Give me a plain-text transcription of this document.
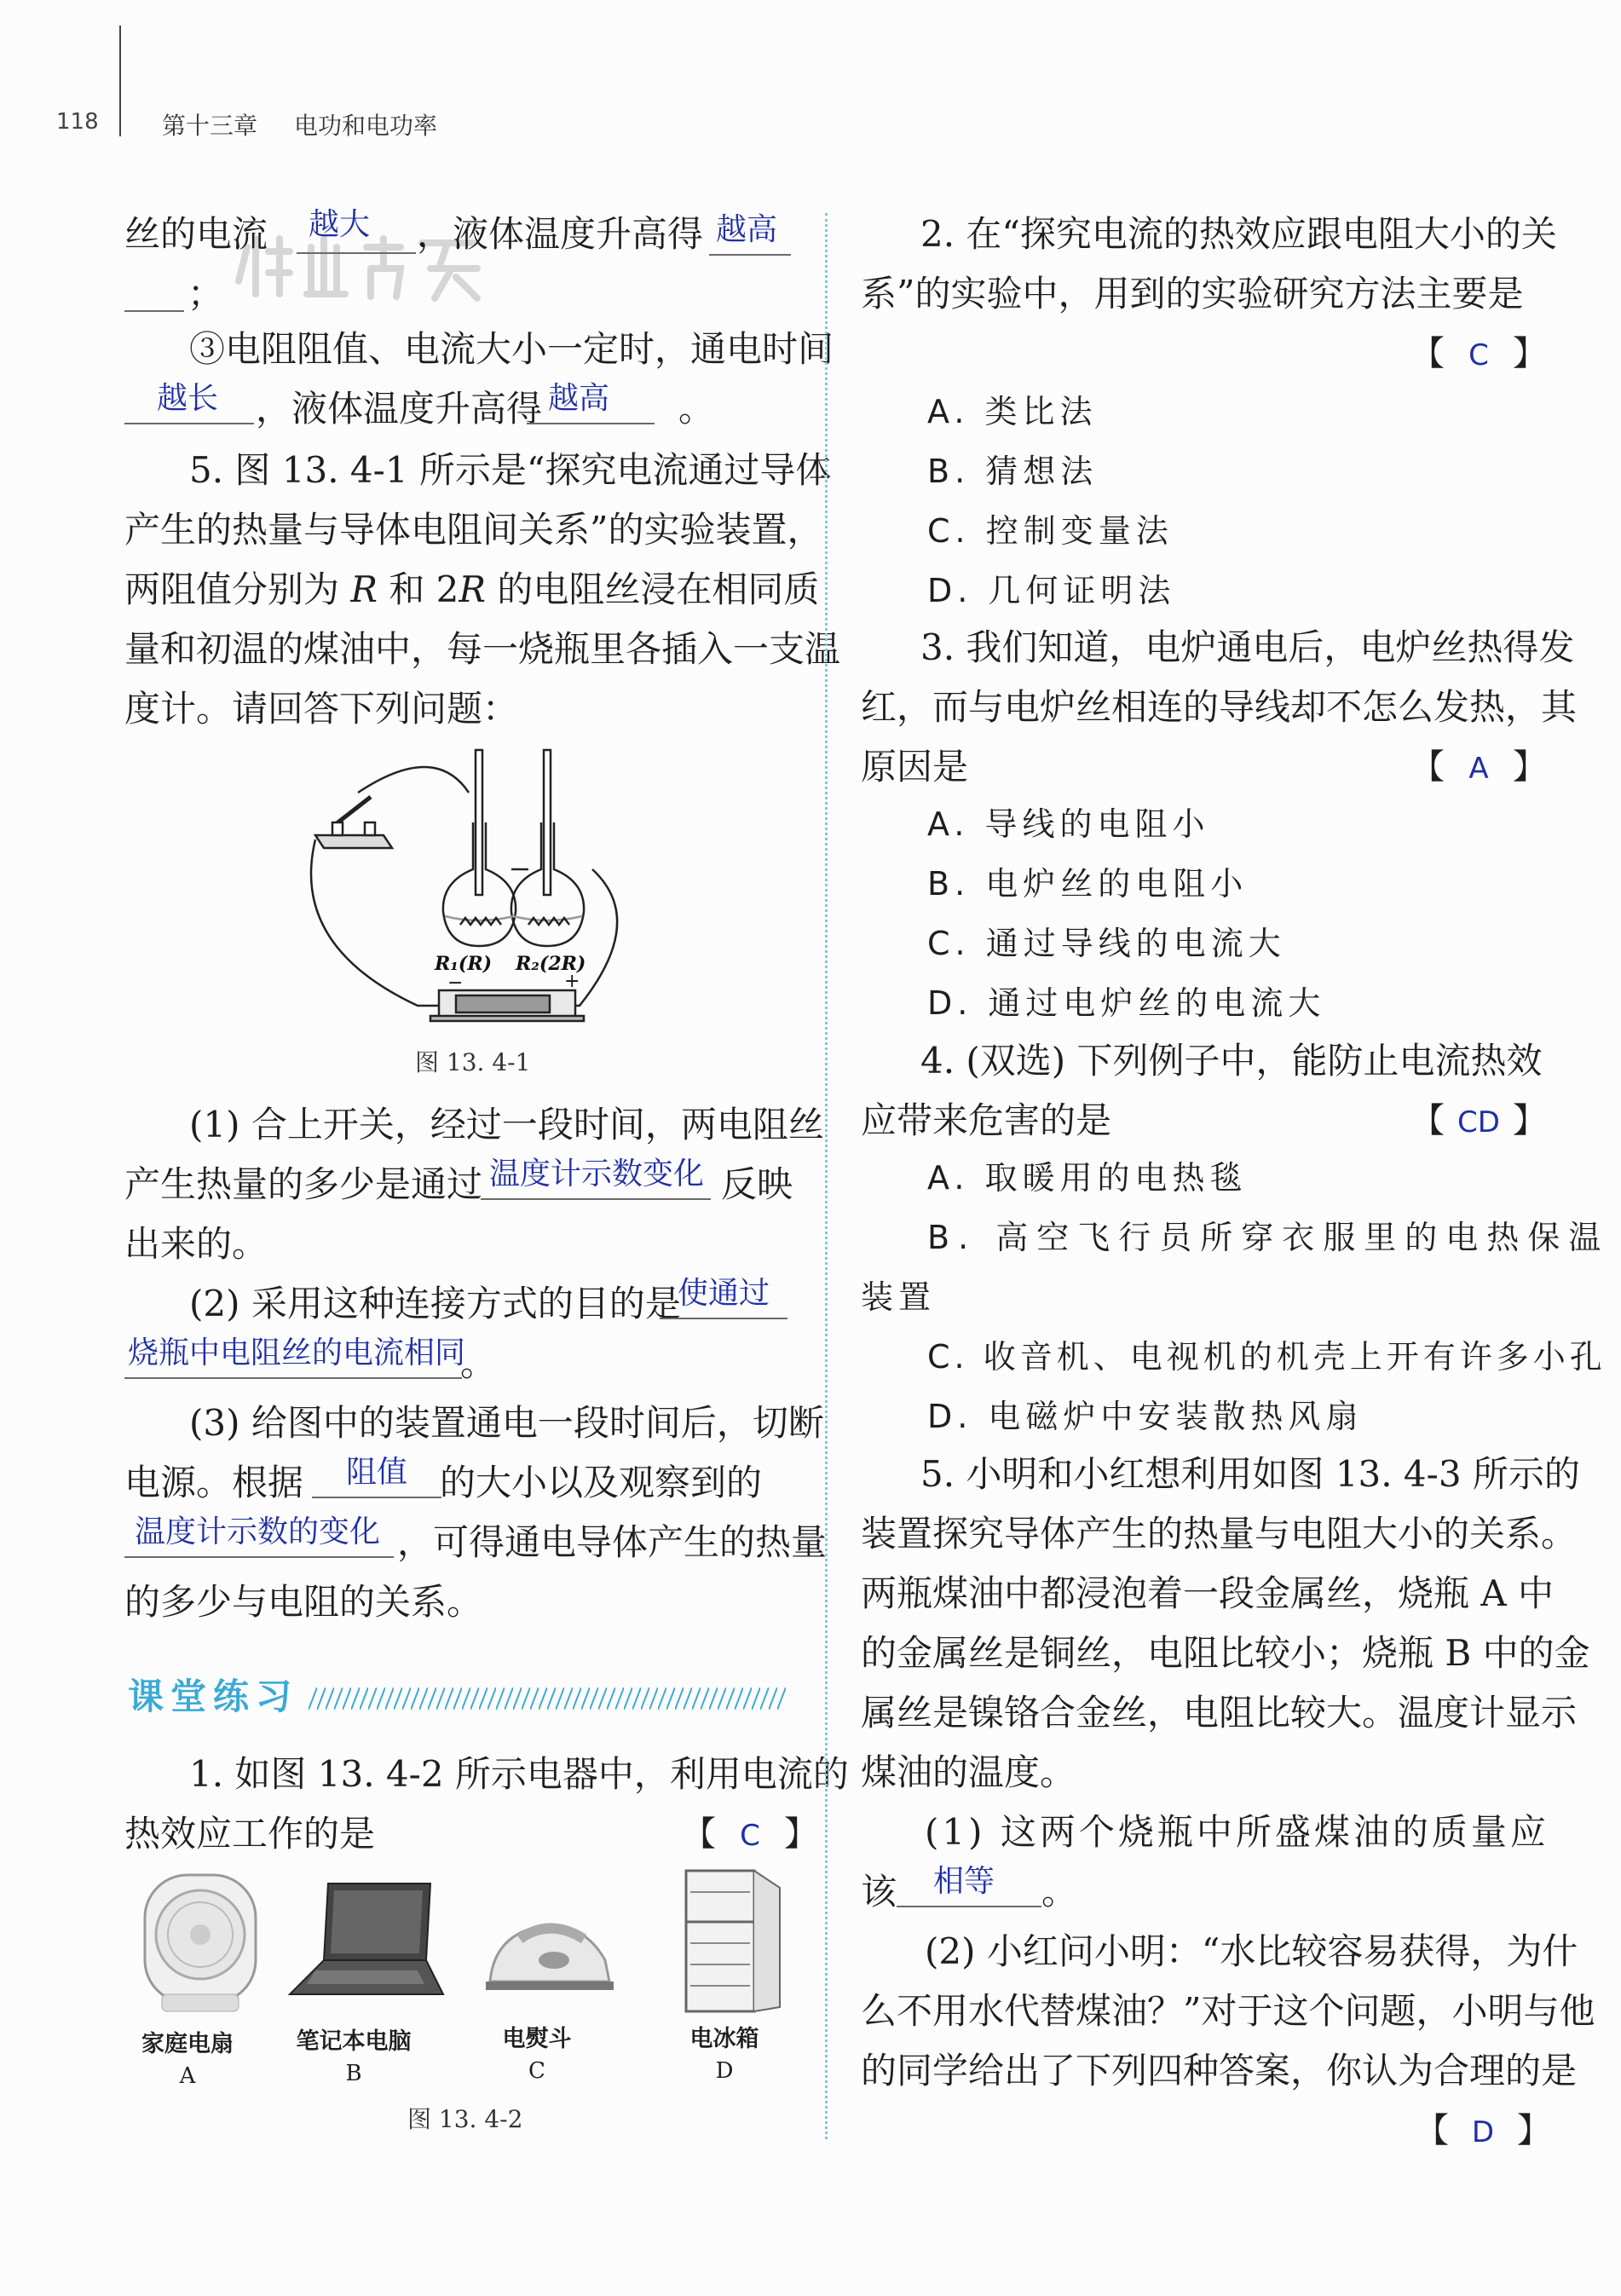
118	第十三章 电功和电功率
丝的电流	，液体温度升高得
越大	越高
；
③电阻阻值、电流大小一定时，通电时间
越长 ，液体温度升高得	。
越高
5. 图 13. 4-1 所示是“探究电流通过导体
产生的热量与导体电阻间关系”的实验装置，
两阻值分别为 R 和 2R 的电阻丝浸在相同质
量和初温的煤油中，每一烧瓶里各插入一支温
度计。请回答下列问题：
R₁(R) R₂(2R)
−	+
图 13. 4-1
(1) 合上开关，经过一段时间，两电阻丝
产生热量的多少是通过	反映
温度计示数变化
出来的。
(2) 采用这种连接方式的目的是
使通过
烧瓶中电阻丝的电流相同
。
(3) 给图中的装置通电一段时间后，切断
电源。根据	的大小以及观察到的
阻值
温度计示数的变化 ，可得通电导体产生的热量
的多少与电阻的关系。
课堂练习
1. 如图 13. 4-2 所示电器中，利用电流的
热效应工作的是	【 C 】
家庭电扇
A
笔记本电脑
B
电熨斗
C
电冰箱
D
图 13. 4-2
2. 在“探究电流的热效应跟电阻大小的关
系”的实验中，用到的实验研究方法主要是
【 C 】
A. 类比法
B. 猜想法
C. 控制变量法
D. 几何证明法
3. 我们知道，电炉通电后，电炉丝热得发
红，而与电炉丝相连的导线却不怎么发热，其
原因是	【 A 】
A. 导线的电阻小
B. 电炉丝的电阻小
C. 通过导线的电流大
D. 通过电炉丝的电流大
4. (双选) 下列例子中，能防止电流热效
应带来危害的是	【 CD 】
A. 取暖用的电热毯
B. 高空飞行员所穿衣服里的电热保温
装置
C. 收音机、电视机的机壳上开有许多小孔
D. 电磁炉中安装散热风扇
5. 小明和小红想利用如图 13. 4-3 所示的
装置探究导体产生的热量与电阻大小的关系。
两瓶煤油中都浸泡着一段金属丝，烧瓶 A 中
的金属丝是铜丝，电阻比较小；烧瓶 B 中的金
属丝是镍铬合金丝，电阻比较大。温度计显示
煤油的温度。
(1) 这两个烧瓶中所盛煤油的质量应
该	。
相等
(2) 小红问小明：“水比较容易获得，为什
么不用水代替煤油？”对于这个问题，小明与他
的同学给出了下列四种答案，你认为合理的是
【 D 】
